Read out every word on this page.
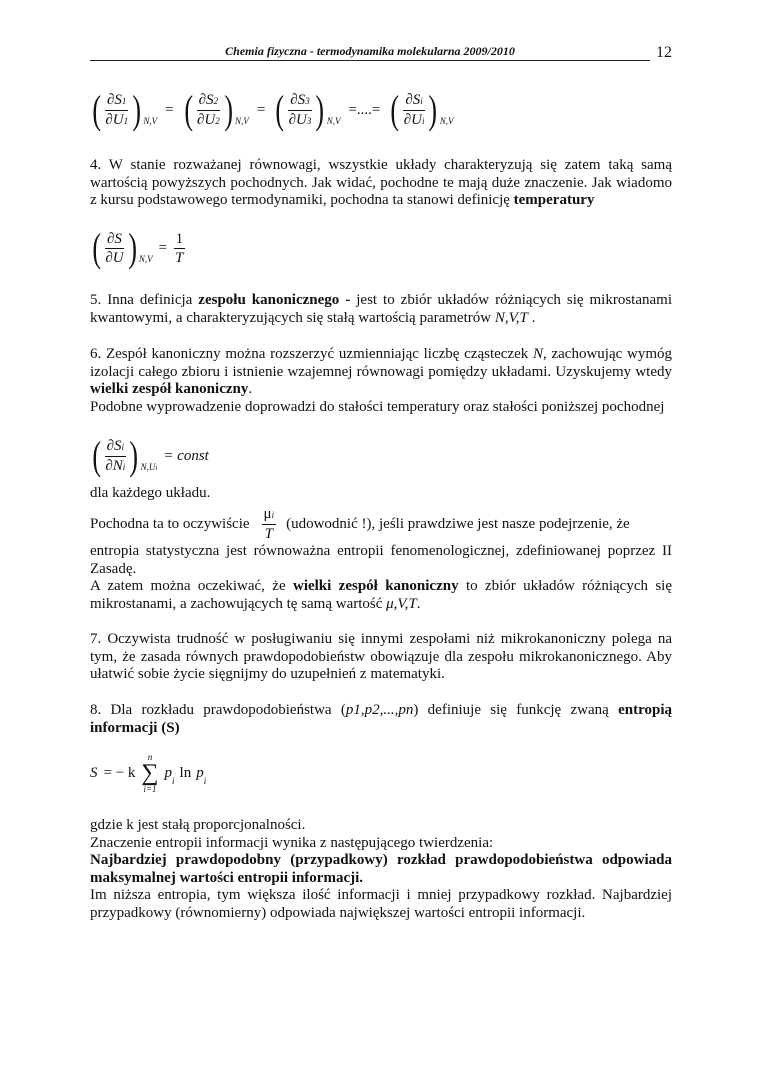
Chemia fizyczna - termodynamika molekularna 2009/2010	12
( $\frac{\partial S1}{\partial U1}$ ) N,V
= ( $\frac{\partial S2}{\partial U2}$ ) N,V
= ( $\frac{\partial S3}{\partial U3}$ ) N,V
=....= ( $\frac{\partial Si}{\partial Ui}$ ) N,V
4. W stanie rozważanej równowagi, wszystkie układy charakteryzują się zatem taką samą wartością powyższych pochodnych. Jak widać, pochodne te mają duże znaczenie. Jak wiadomo z kursu podstawowego termodynamiki, pochodna ta stanowi definicję temperatury
( $\frac{\partial S}{\partial U}$ ) N,V
= $\frac{1}{T}$
5. Inna definicja zespołu kanonicznego - jest to zbiór układów różniących się mikrostanami kwantowymi, a charakteryzujących się stałą wartością parametrów N,V,T .
6. Zespół kanoniczny można rozszerzyć uzmienniając liczbę cząsteczek N, zachowując wymóg izolacji całego zbioru i istnienie wzajemnej równowagi pomiędzy układami. Uzyskujemy wtedy wielki zespół kanoniczny.
Podobne wyprowadzenie doprowadzi do stałości temperatury oraz stałości poniższej pochodnej
( $\frac{\partial Si}{\partial Ni}$ ) N,Ui
= const
dla każdego układu.
Pochodna ta to oczywiście $\frac{\mu i}{T}$ (udowodnić !), jeśli prawdziwe jest nasze podejrzenie, że
entropia statystyczna jest równoważna entropii fenomenologicznej, zdefiniowanej poprzez II Zasadę.
A zatem można oczekiwać, że wielki zespół kanoniczny to zbiór układów różniących się mikrostanami, a zachowujących tę samą wartość μ,V,T.
7. Oczywista trudność w posługiwaniu się innymi zespołami niż mikrokanoniczny polega na tym, że zasada równych prawdopodobieństw obowiązuje dla zespołu mikrokanonicznego. Aby ułatwić sobie życie sięgnijmy do uzupełnień z matematyki.
8. Dla rozkładu prawdopodobieństwa (p1,p2,...,pn) definiuje się funkcję zwaną entropią informacji (S)
S = − k
n
∑
i=1
p
i
ln p
i
gdzie k jest stałą proporcjonalności.
Znaczenie entropii informacji wynika z następującego twierdzenia:
Najbardziej prawdopodobny (przypadkowy) rozkład prawdopodobieństwa odpowiada maksymalnej wartości entropii informacji.
Im niższa entropia, tym większa ilość informacji i mniej przypadkowy rozkład. Najbardziej przypadkowy (równomierny) odpowiada największej wartości entropii informacji.
